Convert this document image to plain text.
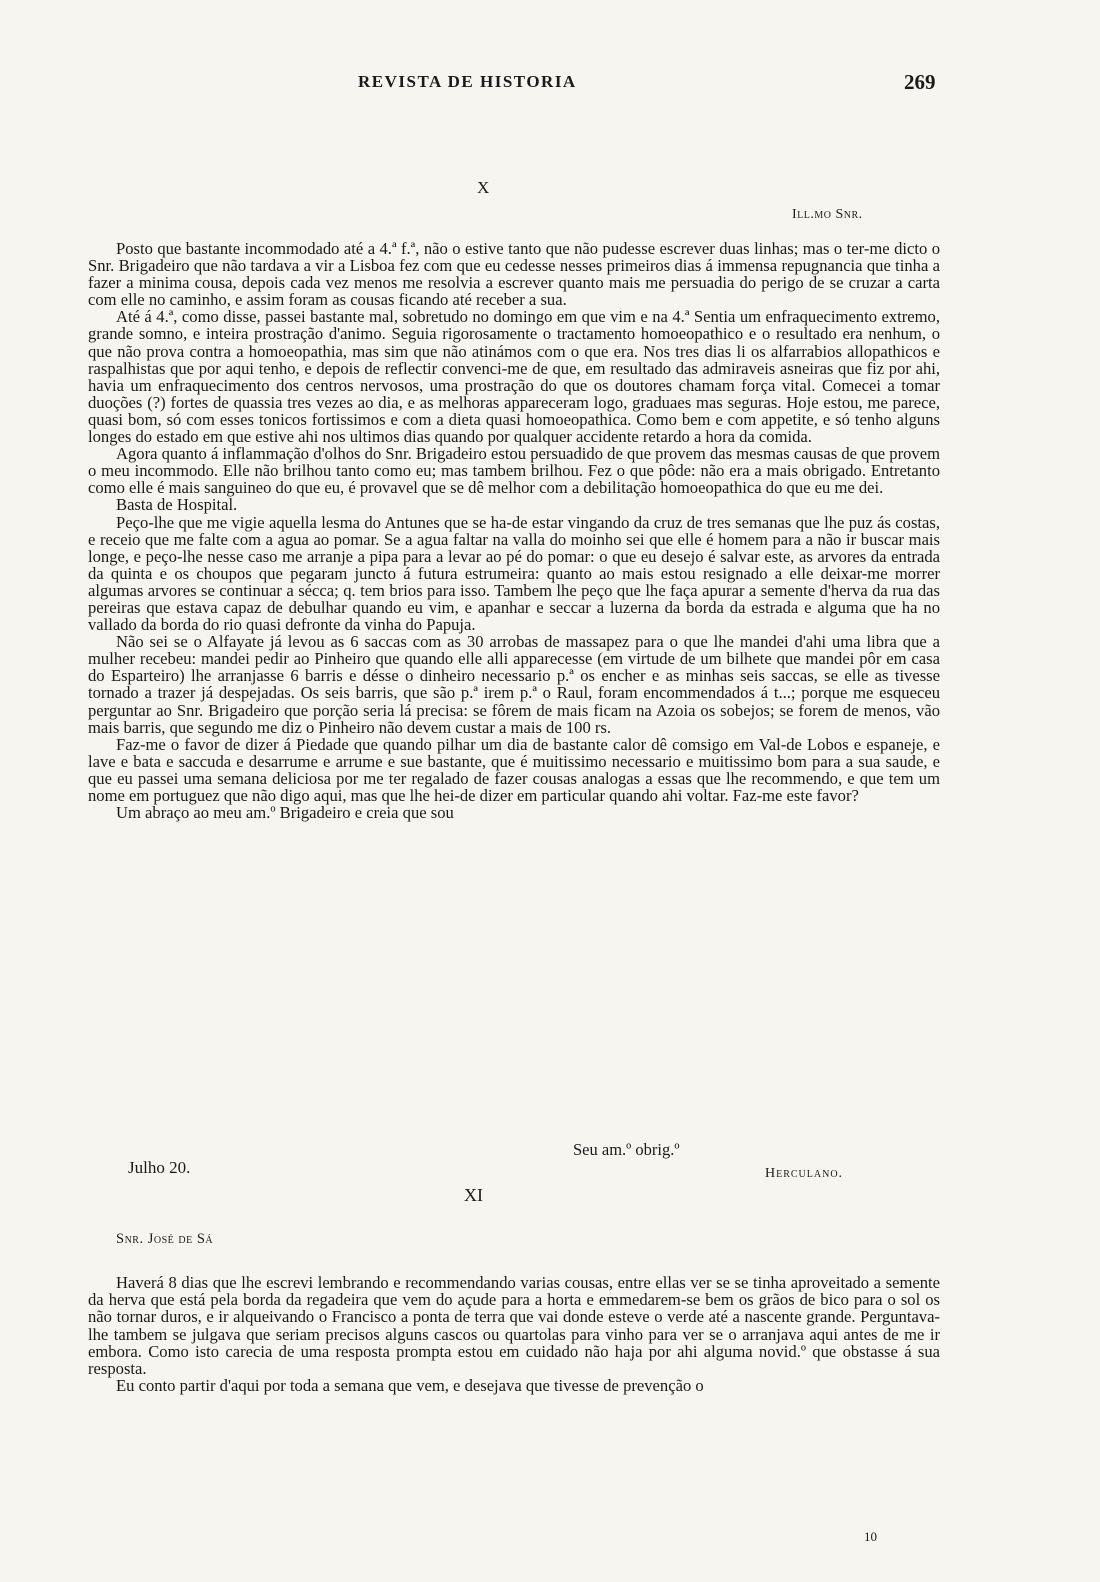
REVISTA DE HISTORIA	269
X
Ill.mo Snr.

Posto que bastante incommodado até a 4.ª f.ª, não o estive tanto que não pudesse escrever duas linhas; mas o ter-me dicto o Snr. Brigadeiro que não tardava a vir a Lisboa fez com que eu cedesse nesses primeiros dias á immensa repugnancia que tinha a fazer a minima cousa, depois cada vez menos me resolvia a escrever quanto mais me persuadia do perigo de se cruzar a carta com elle no caminho, e assim foram as cousas ficando até receber a sua.

Até á 4.ª, como disse, passei bastante mal, sobretudo no domingo em que vim e na 4.ª Sentia um enfraquecimento extremo, grande somno, e inteira prostração d'animo. Seguia rigorosamente o tractamento homoeopathico e o resultado era nenhum, o que não prova contra a homoeopathia, mas sim que não atinámos com o que era. Nos tres dias li os alfarrabios allopathicos e raspalhistas que por aqui tenho, e depois de reflectir convenci-me de que, em resultado das admiraveis asneiras que fiz por ahi, havia um enfraquecimento dos centros nervosos, uma prostração do que os doutores chamam força vital. Comecei a tomar duoções (?) fortes de quassia tres vezes ao dia, e as melhoras appareceram logo, graduaes mas seguras. Hoje estou, me parece, quasi bom, só com esses tonicos fortissimos e com a dieta quasi homoeopathica. Como bem e com appetite, e só tenho alguns longes do estado em que estive ahi nos ultimos dias quando por qualquer accidente retardo a hora da comida.

Agora quanto á inflammação d'olhos do Snr. Brigadeiro estou persuadido de que provem das mesmas causas de que provem o meu incommodo. Elle não brilhou tanto como eu; mas tambem brilhou. Fez o que pôde: não era a mais obrigado. Entretanto como elle é mais sanguineo do que eu, é provavel que se dê melhor com a debilitação homoeopathica do que eu me dei.

Basta de Hospital.

Peço-lhe que me vigie aquella lesma do Antunes que se ha-de estar vingando da cruz de tres semanas que lhe puz ás costas, e receio que me falte com a agua ao pomar. Se a agua faltar na valla do moinho sei que elle é homem para a não ir buscar mais longe, e peço-lhe nesse caso me arranje a pipa para a levar ao pé do pomar: o que eu desejo é salvar este, as arvores da entrada da quinta e os choupos que pegaram juncto á futura estrumeira: quanto ao mais estou resignado a elle deixar-me morrer algumas arvores se continuar a sécca; q. tem brios para isso. Tambem lhe peço que lhe faça apurar a semente d'herva da rua das pereiras que estava capaz de debulhar quando eu vim, e apanhar e seccar a luzerna da borda da estrada e alguma que ha no vallado da borda do rio quasi defronte da vinha do Papuja.

Não sei se o Alfayate já levou as 6 saccas com as 30 arrobas de massapez para o que lhe mandei d'ahi uma libra que a mulher recebeu: mandei pedir ao Pinheiro que quando elle alli apparecesse (em virtude de um bilhete que mandei pôr em casa do Esparteiro) lhe arranjasse 6 barris e désse o dinheiro necessario p.ª os encher e as minhas seis saccas, se elle as tivesse tornado a trazer já despejadas. Os seis barris, que são p.ª irem p.ª o Raul, foram encommendados á t...; porque me esqueceu perguntar ao Snr. Brigadeiro que porção seria lá precisa: se fôrem de mais ficam na Azoia os sobejos; se forem de menos, vão mais barris, que segundo me diz o Pinheiro não devem custar a mais de 100 rs.

Faz-me o favor de dizer á Piedade que quando pilhar um dia de bastante calor dê comsigo em Val-de Lobos e espaneje, e lave e bata e saccuda e desarrume e arrume e sue bastante, que é muitissimo necessario e muitissimo bom para a sua saude, e que eu passei uma semana deliciosa por me ter regalado de fazer cousas analogas a essas que lhe recommendo, e que tem um nome em portuguez que não digo aqui, mas que lhe hei-de dizer em particular quando ahi voltar. Faz-me este favor?

Um abraço ao meu am.º Brigadeiro e creia que sou

Seu am.º obrig.º
Julho 20.	Herculano.
XI
Snr. José de Sá

Haverá 8 dias que lhe escrevi lembrando e recommendando varias cousas, entre ellas ver se se tinha aproveitado a semente da herva que está pela borda da regadeira que vem do açude para a horta e emmedarem-se bem os grãos de bico para o sol os não tornar duros, e ir alqueivando o Francisco a ponta de terra que vai donde esteve o verde até a nascente grande. Perguntava-lhe tambem se julgava que seriam precisos alguns cascos ou quartolas para vinho para ver se o arranjava aqui antes de me ir embora. Como isto carecia de uma resposta prompta estou em cuidado não haja por ahi alguma novid.º que obstasse á sua resposta.

Eu conto partir d'aqui por toda a semana que vem, e desejava que tivesse de prevenção o

10
